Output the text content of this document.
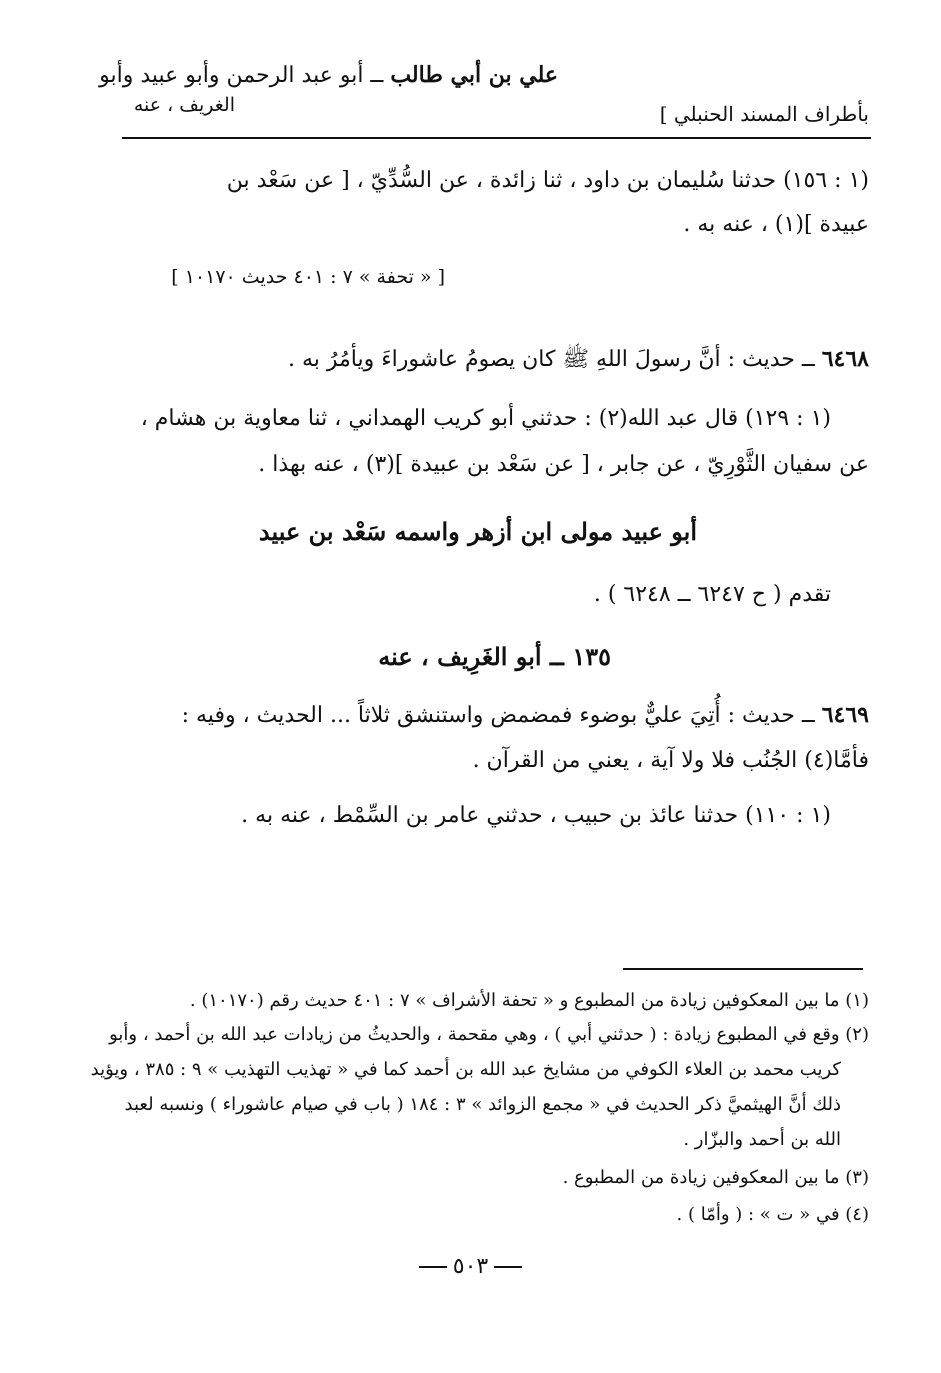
علي بن أبي طالب ــ أبو عبد الرحمن وأبو عبيد وأبو
الغريف ، عنه	بأطراف المسند الحنبلي ]
(١ : ١٥٦) حدثنا سُليمان بن داود ، ثنا زائدة ، عن السُّدِّيّ ، [ عن سَعْد بن
عبيدة ](١) ، عنه به .
[ « تحفة » ٧ : ٤٠١ حديث ١٠١٧٠ ]
٦٤٦٨ ــ حديث : أنَّ رسولَ اللهِ ﷺ كان يصومُ عاشوراءَ ويأمُرُ به .
(١ : ١٢٩) قال عبد الله(٢) : حدثني أبو كريب الهمداني ، ثنا معاوية بن هشام ،
عن سفيان الثَّوْرِيّ ، عن جابر ، [ عن سَعْد بن عبيدة ](٣) ، عنه بهذا .
أبو عبيد مولى ابن أزهر واسمه سَعْد بن عبيد
تقدم ( ح ٦٢٤٧ ــ ٦٢٤٨ ) .
١٣٥ ــ أبو الغَرِيف ، عنه
٦٤٦٩ ــ حديث : أُتِيَ عليٌّ بوضوء فمضمض واستنشق ثلاثاً ... الحديث ، وفيه :
فأمَّا(٤) الجُنُب فلا ولا آية ، يعني من القرآن .
(١ : ١١٠) حدثنا عائذ بن حبيب ، حدثني عامر بن السِّمْط ، عنه به .
(١) ما بين المعكوفين زيادة من المطبوع و « تحفة الأشراف » ٧ : ٤٠١ حديث رقم (١٠١٧٠) .
(٢) وقع في المطبوع زيادة : ( حدثني أبي ) ، وهي مقحمة ، والحديثُ من زيادات عبد الله بن أحمد ، وأبو
كريب محمد بن العلاء الكوفي من مشايخ عبد الله بن أحمد كما في « تهذيب التهذيب » ٩ : ٣٨٥ ، ويؤيد
ذلك أنَّ الهيثميَّ ذكر الحديث في « مجمع الزوائد » ٣ : ١٨٤ ( باب في صيام عاشوراء ) ونسبه لعبد
الله بن أحمد والبزّار .
(٣) ما بين المعكوفين زيادة من المطبوع .
(٤) في « ت » : ( وأمّا ) .
٥٠٣
